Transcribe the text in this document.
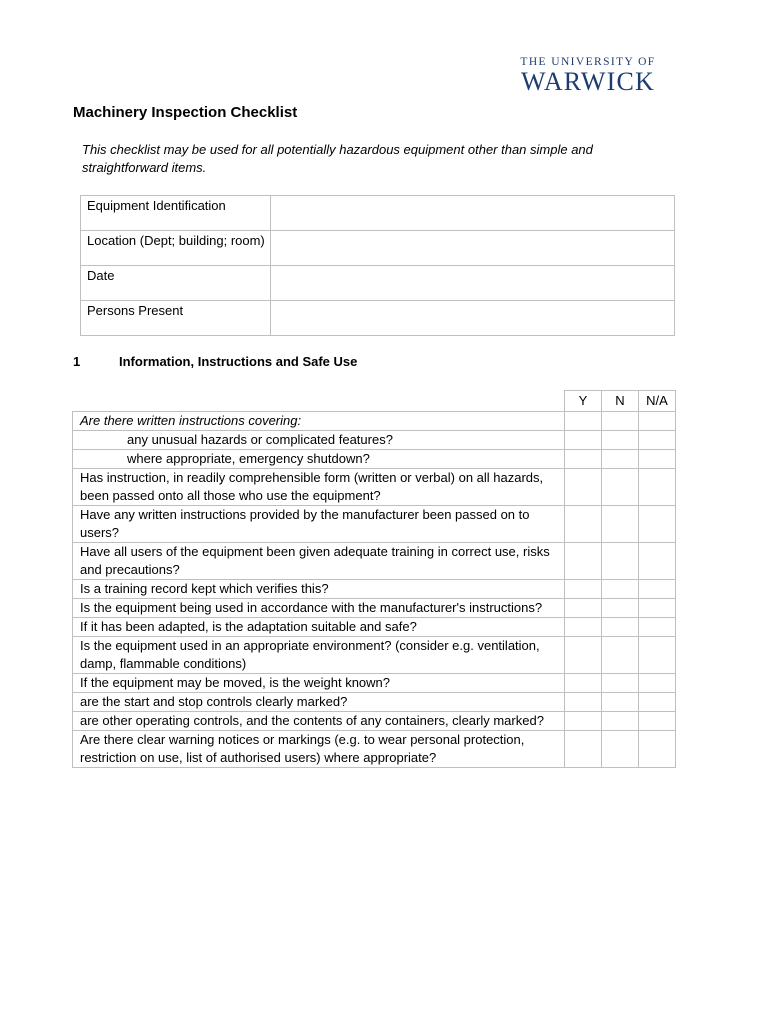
THE UNIVERSITY OF
WARWICK
Machinery Inspection Checklist

This checklist may be used for all potentially hazardous equipment other than simple and straightforward items.

Equipment Identification	

Location (Dept; building; room)	

Date	

Persons Present	

1	Information, Instructions and Safe Use
	Y	N	N/A
Are there written instructions covering:			
any unusual hazards or complicated features?			
where appropriate, emergency shutdown?			
Has instruction, in readily comprehensible form (written or verbal) on all hazards, been passed onto all those who use the equipment?			
Have any written instructions provided by the manufacturer been passed on to users?			
Have all users of the equipment been given adequate training in correct use, risks and precautions?			
Is a training record kept which verifies this?			
Is the equipment being used in accordance with the manufacturer's instructions?			
If it has been adapted, is the adaptation suitable and safe?			
Is the equipment used in an appropriate environment? (consider e.g. ventilation, damp, flammable conditions)			
If the equipment may be moved, is the weight known?			
are the start and stop controls clearly marked?			
are other operating controls, and the contents of any containers, clearly marked?			
Are there clear warning notices or markings (e.g. to wear personal protection, restriction on use, list of authorised users) where appropriate?			
